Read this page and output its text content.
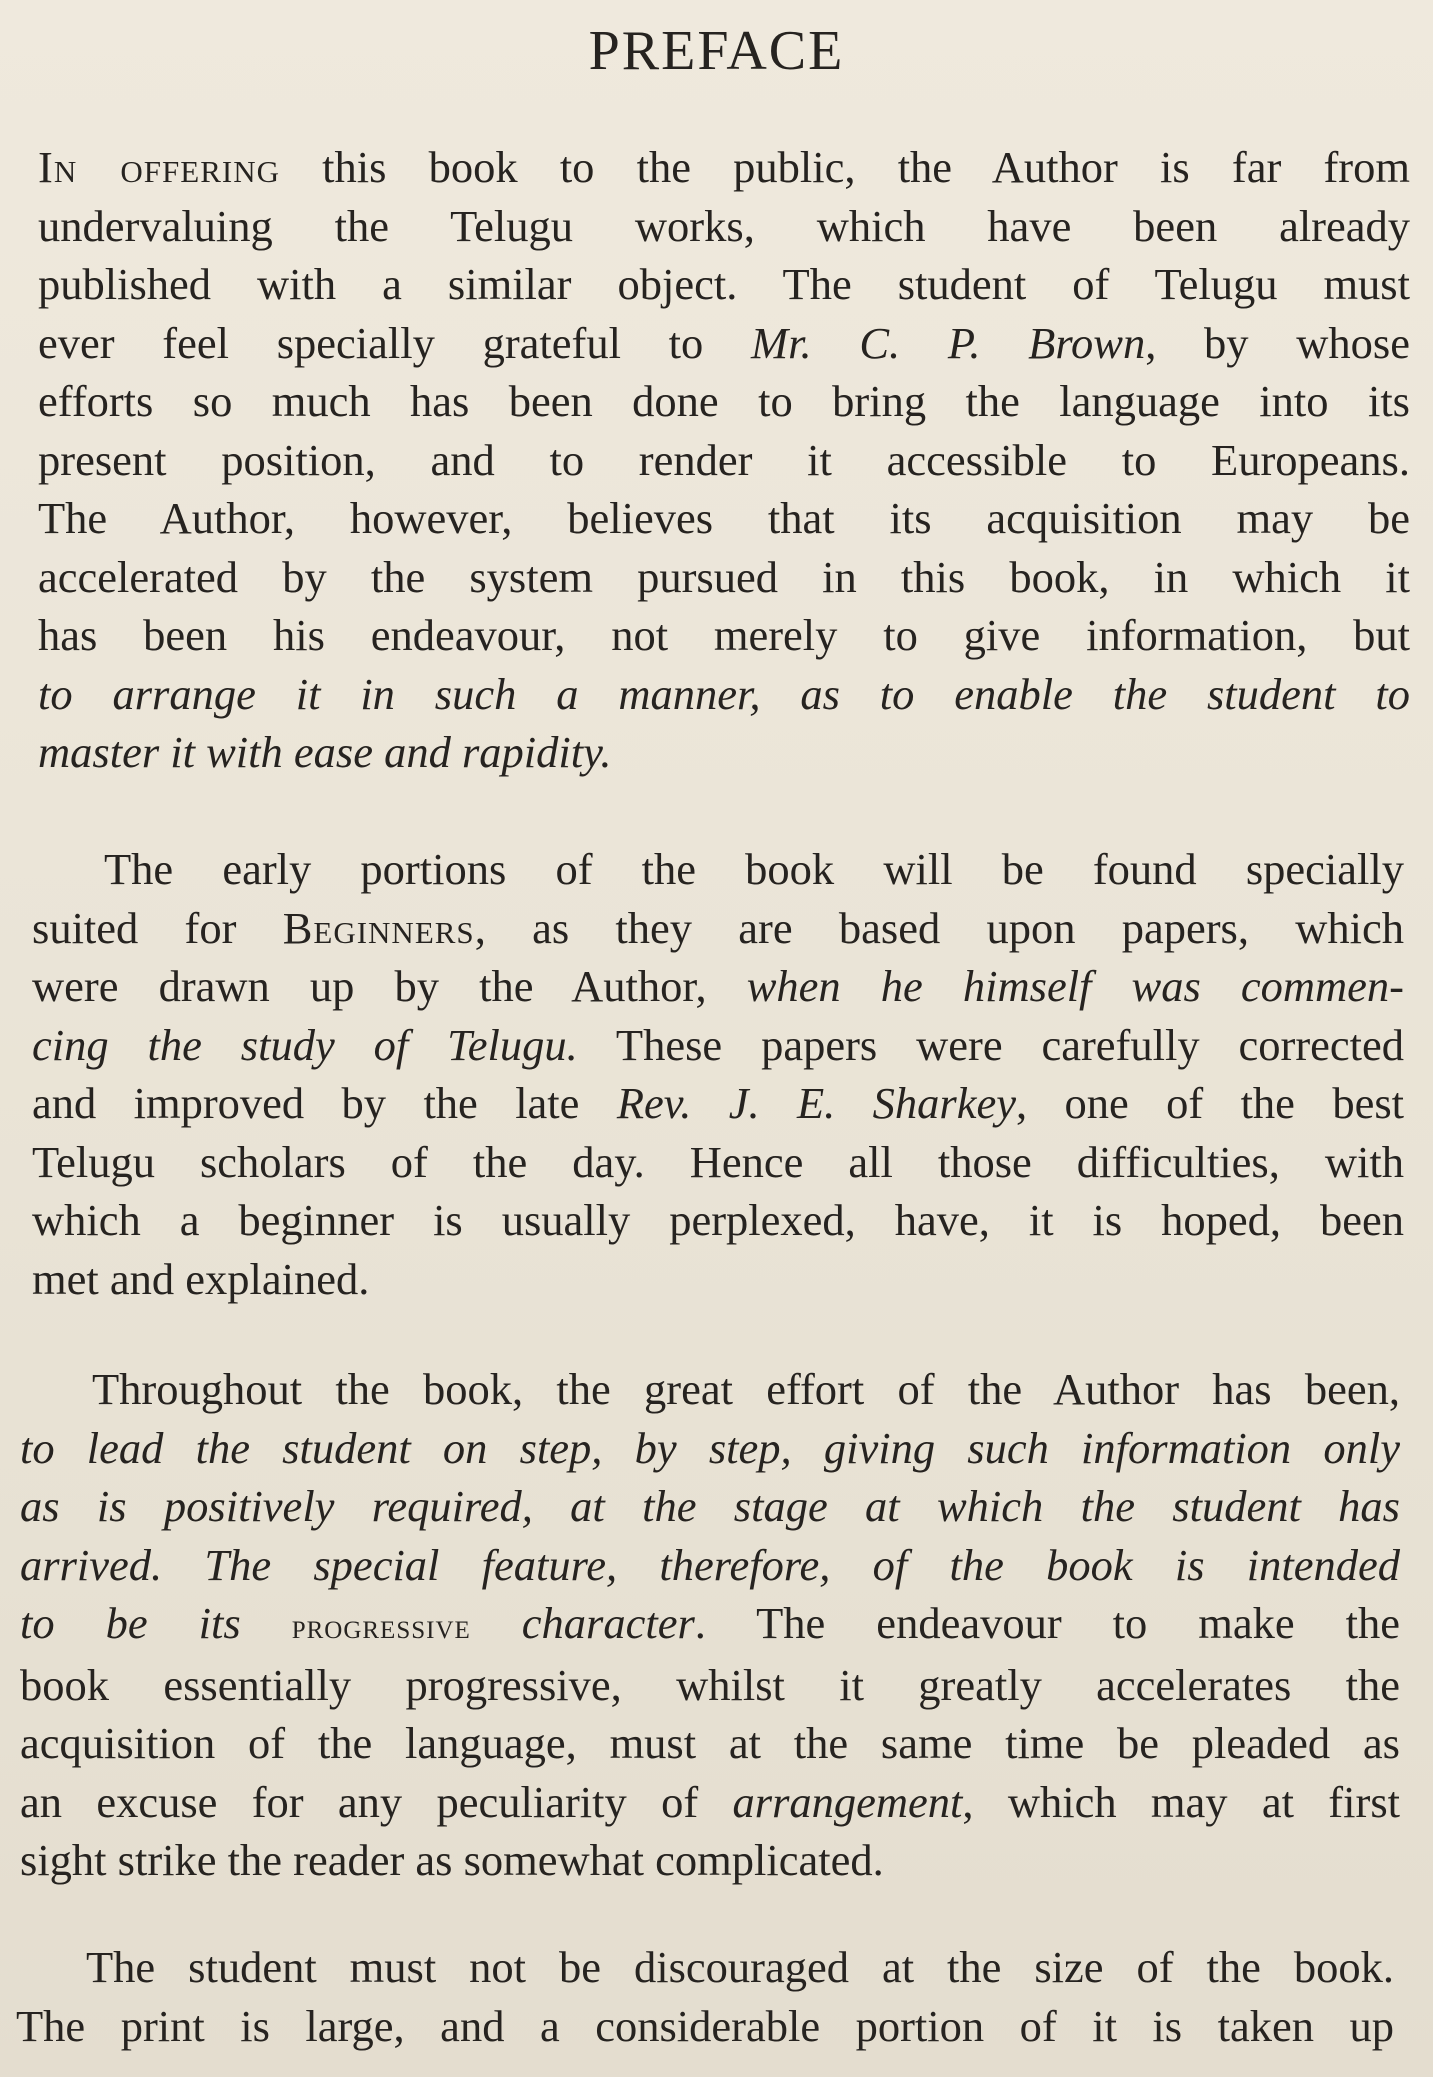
PREFACE

In offering this book to the public, the Author is far from
undervaluing the Telugu works, which have been already
published with a similar object. The student of Telugu must
ever feel specially grateful to Mr. C. P. Brown, by whose
efforts so much has been done to bring the language into its
present position, and to render it accessible to Europeans.
The Author, however, believes that its acquisition may be
accelerated by the system pursued in this book, in which it
has been his endeavour, not merely to give information, but
to arrange it in such a manner, as to enable the student to
master it with ease and rapidity.

The early portions of the book will be found specially
suited for Beginners, as they are based upon papers, which
were drawn up by the Author, when he himself was commen-
cing the study of Telugu. These papers were carefully corrected
and improved by the late Rev. J. E. Sharkey, one of the best
Telugu scholars of the day. Hence all those difficulties, with
which a beginner is usually perplexed, have, it is hoped, been
met and explained.

Throughout the book, the great effort of the Author has been,
to lead the student on step, by step, giving such information only
as is positively required, at the stage at which the student has
arrived. The special feature, therefore, of the book is intended
to be its progressive character. The endeavour to make the
book essentially progressive, whilst it greatly accelerates the
acquisition of the language, must at the same time be pleaded as
an excuse for any peculiarity of arrangement, which may at first
sight strike the reader as somewhat complicated.

The student must not be discouraged at the size of the book.
The print is large, and a considerable portion of it is taken up
